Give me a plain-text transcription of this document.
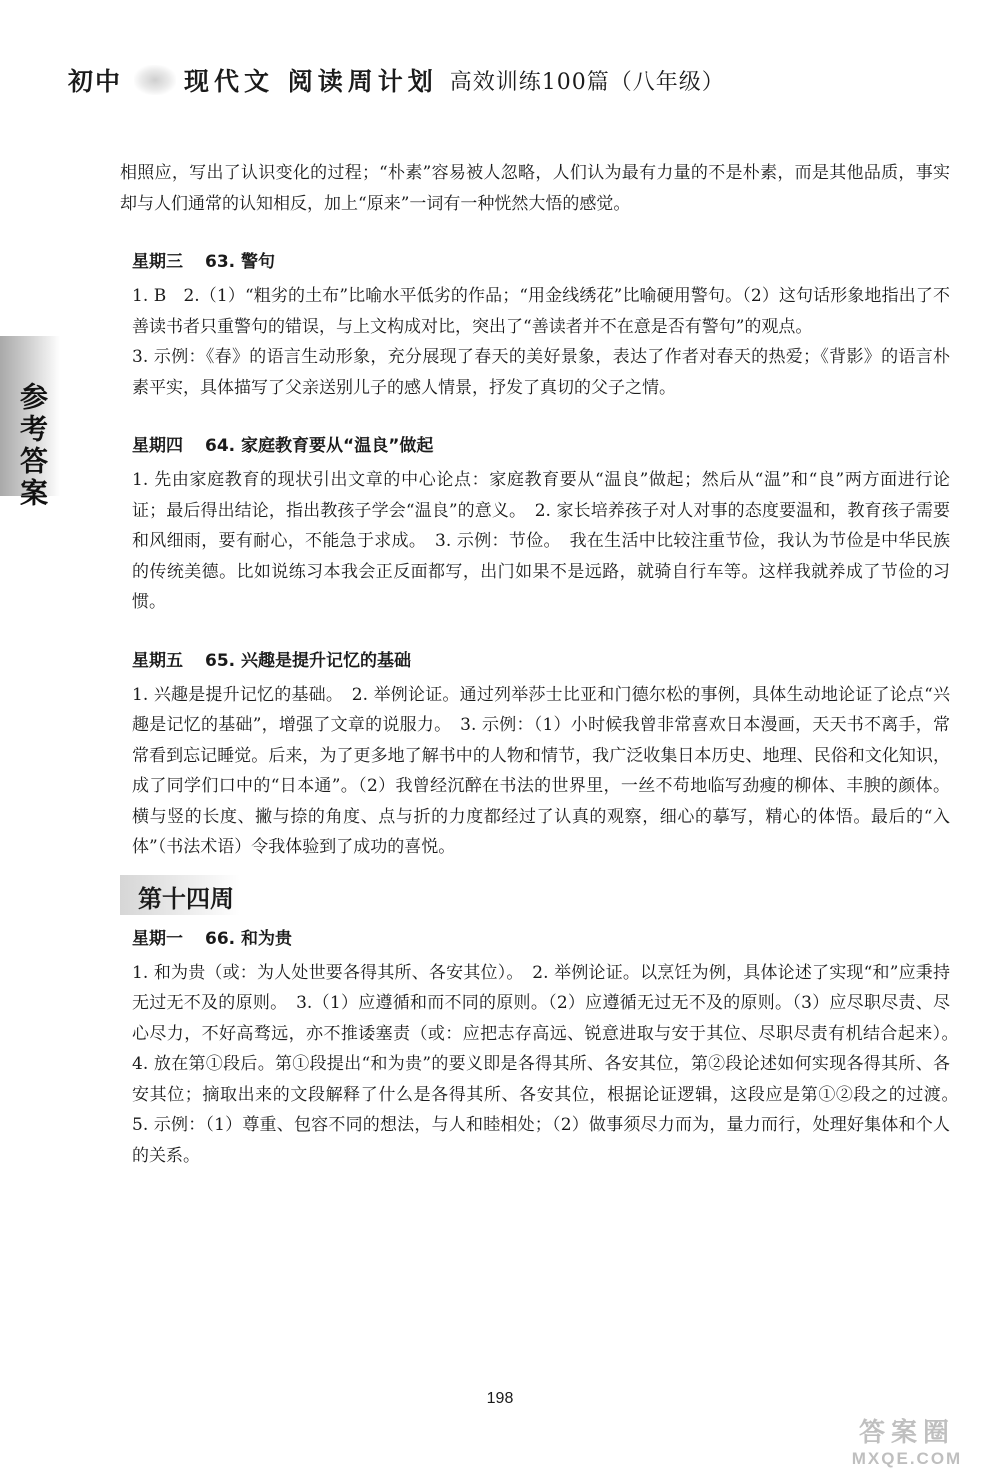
初中 现代文 阅读周计划 高效训练100篇（八年级）
参考答案

相照应，写出了认识变化的过程；“朴素”容易被人忽略，人们认为最有力量的不是朴素，而是其他品质，事实却与人们通常的认知相反，加上“原来”一词有一种恍然大悟的感觉。

星期三 63. 警句

1. B　2.（1）“粗劣的土布”比喻水平低劣的作品；“用金线绣花”比喻硬用警句。（2）这句话形象地指出了不善读书者只重警句的错误，与上文构成对比，突出了“善读者并不在意是否有警句”的观点。

3. 示例：《春》的语言生动形象，充分展现了春天的美好景象，表达了作者对春天的热爱；《背影》的语言朴素平实，具体描写了父亲送别儿子的感人情景，抒发了真切的父子之情。

星期四 64. 家庭教育要从“温良”做起

1. 先由家庭教育的现状引出文章的中心论点：家庭教育要从“温良”做起；然后从“温”和“良”两方面进行论证；最后得出结论，指出教孩子学会“温良”的意义。　2. 家长培养孩子对人对事的态度要温和，教育孩子需要和风细雨，要有耐心，不能急于求成。　3. 示例：节俭。　我在生活中比较注重节俭，我认为节俭是中华民族的传统美德。比如说练习本我会正反面都写，出门如果不是远路，就骑自行车等。这样我就养成了节俭的习惯。

星期五 65. 兴趣是提升记忆的基础

1. 兴趣是提升记忆的基础。　2. 举例论证。通过列举莎士比亚和门德尔松的事例，具体生动地论证了论点“兴趣是记忆的基础”，增强了文章的说服力。　3. 示例：（1）小时候我曾非常喜欢日本漫画，天天书不离手，常常看到忘记睡觉。后来，为了更多地了解书中的人物和情节，我广泛收集日本历史、地理、民俗和文化知识，成了同学们口中的“日本通”。（2）我曾经沉醉在书法的世界里，一丝不苟地临写劲瘦的柳体、丰腴的颜体。横与竖的长度、撇与捺的角度、点与折的力度都经过了认真的观察，细心的摹写，精心的体悟。最后的“入体”（书法术语）令我体验到了成功的喜悦。

第十四周
星期一 66. 和为贵

1. 和为贵（或：为人处世要各得其所、各安其位）。　2. 举例论证。以烹饪为例，具体论述了实现“和”应秉持无过无不及的原则。　3.（1）应遵循和而不同的原则。（2）应遵循无过无不及的原则。（3）应尽职尽责、尽心尽力，不好高骛远，亦不推诿塞责（或：应把志存高远、锐意进取与安于其位、尽职尽责有机结合起来）。　4. 放在第①段后。第①段提出“和为贵”的要义即是各得其所、各安其位，第②段论述如何实现各得其所、各安其位；摘取出来的文段解释了什么是各得其所、各安其位，根据论证逻辑，这段应是第①②段之的过渡。　5. 示例：（1）尊重、包容不同的想法，与人和睦相处；（2）做事须尽力而为，量力而行，处理好集体和个人的关系。

198
答案圈
MXQE.COM
